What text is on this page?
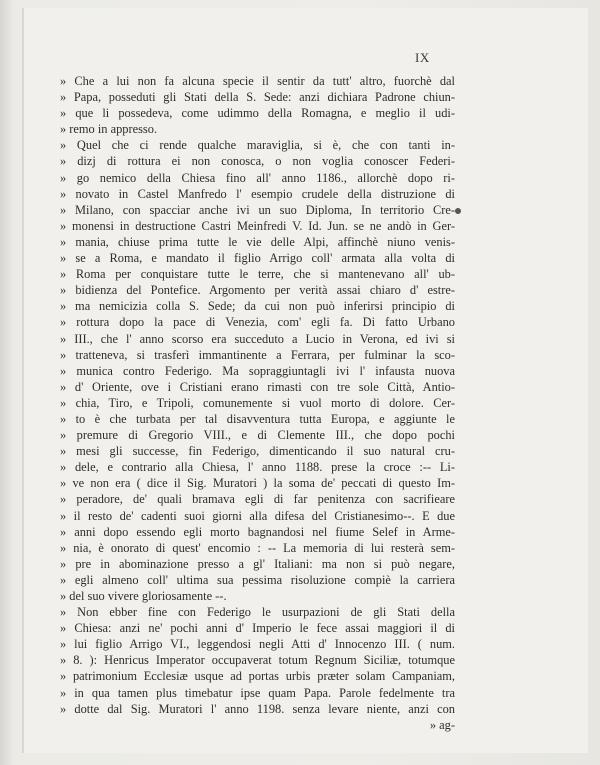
IX
» Che a lui non fa alcuna specie il sentir da tutt' altro, fuorchè dal
» Papa, posseduti gli Stati della S. Sede: anzi dichiara Padrone chiun-
» que li possedeva, come udimmo della Romagna, e meglio il udi-
» remo in appresso.
» Quel che ci rende qualche maraviglia, si è, che con tanti in-
» dizj di rottura ei non conosca, o non voglia conoscer Federi-
» go nemico della Chiesa fino all' anno 1186., allorchè dopo ri-
» novato in Castel Manfredo l' esempio crudele della distruzione di
» Milano, con spacciar anche ivi un suo Diploma, In territorio Cre-
» monensi in destructione Castri Meinfredi V. Id. Jun. se ne andò in Ger-
» mania, chiuse prima tutte le vie delle Alpi, affinchè niuno venis-
» se a Roma, e mandato il figlio Arrigo coll' armata alla volta di
» Roma per conquistare tutte le terre, che si mantenevano all' ub-
» bidienza del Pontefice. Argomento per verità assai chiaro d' estre-
» ma nemicizia colla S. Sede; da cui non può inferirsi principio di
» rottura dopo la pace di Venezia, com' egli fa. Di fatto Urbano
» III., che l' anno scorso era succeduto a Lucio in Verona, ed ivi si
» tratteneva, si trasferì immantinente a Ferrara, per fulminar la sco-
» munica contro Federigo. Ma sopraggiuntagli ivi l' infausta nuova
» d' Oriente, ove i Cristiani erano rimasti con tre sole Città, Antio-
» chia, Tiro, e Tripoli, comunemente si vuol morto di dolore. Cer-
» to è che turbata per tal disavventura tutta Europa, e aggiunte le
» premure di Gregorio VIII., e di Clemente III., che dopo pochi
» mesi gli successe, fin Federigo, dimenticando il suo natural cru-
» dele, e contrario alla Chiesa, l' anno 1188. prese la croce :-- Li-
» ve non era ( dice il Sig. Muratori ) la soma de' peccati di questo Im-
» peradore, de' quali bramava egli di far penitenza con sacrifieare
» il resto de' cadenti suoi giorni alla difesa del Cristianesimo--. E due
» anni dopo essendo egli morto bagnandosi nel fiume Selef in Arme-
» nia, è onorato di quest' encomio : -- La memoria di lui resterà sem-
» pre in abominazione presso a gl' Italiani: ma non si può negare,
» egli almeno coll' ultima sua pessima risoluzione compiè la carriera
» del suo vivere gloriosamente --.
» Non ebber fine con Federigo le usurpazioni de gli Stati della
» Chiesa: anzi ne' pochi anni d' Imperio le fece assai maggiori il di
» lui figlio Arrigo VI., leggendosi negli Atti d' Innocenzo III. ( num.
» 8. ): Henricus Imperator occupaverat totum Regnum Siciliæ, totumque
» patrimonium Ecclesiæ usque ad portas urbis præter solam Campaniam,
» in qua tamen plus timebatur ipse quam Papa. Parole fedelmente tra
» dotte dal Sig. Muratori l' anno 1198. senza levare niente, anzi con
» ag-
